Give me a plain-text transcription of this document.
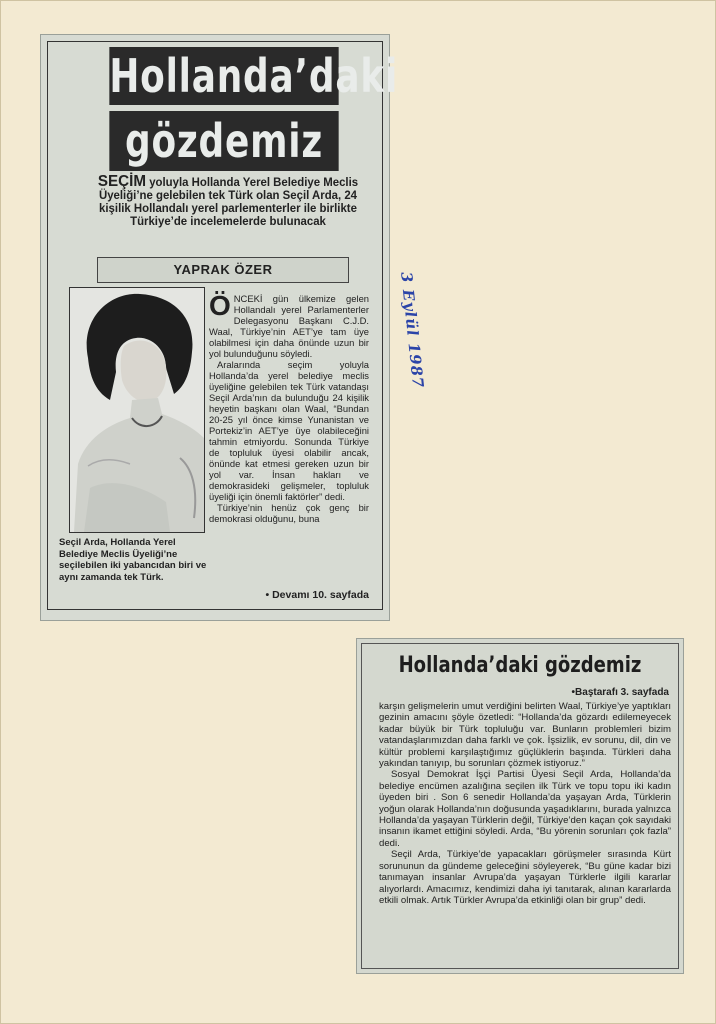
Hollanda’daki
gözdemiz
SEÇİM yoluyla Hollanda Yerel Belediye Meclis Üyeliği’ne gelebilen tek Türk olan Seçil Arda, 24 kişilik Hollandalı yerel parlementerler ile birlikte Türkiye’de incelemelerde bulunacak
YAPRAK ÖZER
Seçil Arda, Hollanda Yerel Belediye Meclis Üyeliği’ne seçilebilen iki yabancıdan biri ve aynı zamanda tek Türk.

ÖNCEKİ gün ülkemize gelen Hollandalı yerel Parlamenterler Delegasyonu Başkanı C.J.D. Waal, Türkiye’nin AET’ye tam üye olabilmesi için daha önünde uzun bir yol bulunduğunu söyledi.

Aralarında seçim yoluyla Hollanda’da yerel belediye meclis üyeliğine gelebilen tek Türk vatandaşı Seçil Arda’nın da bulunduğu 24 kişilik heyetin başkanı olan Waal, “Bundan 20-25 yıl önce kimse Yunanistan ve Portekiz’in AET’ye üye olabileceğini tahmin etmiyordu. Sonunda Türkiye de topluluk üyesi olabilir ancak, önünde kat etmesi gereken uzun bir yol var. İnsan hakları ve demokrasideki gelişmeler, topluluk üyeliği için önemli faktörler” dedi.

Türkiye’nin henüz çok genç bir demokrasi olduğunu, buna

• Devamı 10. sayfada
3 Eylül 1987
Hollanda’daki gözdemiz
•Baştarafı 3. sayfada

karşın gelişmelerin umut verdiğini belirten Waal, Türkiye’ye yaptıkları gezinin amacını şöyle özetledi: “Hollanda’da gözardı edilemeyecek kadar büyük bir Türk topluluğu var. Bunların problemleri bizim vatandaşlarımızdan daha farklı ve çok. İşsizlik, ev sorunu, dil, din ve kültür problemi karşılaştığımız güçlüklerin başında. Türkleri daha yakından tanıyıp, bu sorunları çözmek istiyoruz.”

Sosyal Demokrat İşçi Partisi Üyesi Seçil Arda, Hollanda’da belediye encümen azalığına seçilen ilk Türk ve topu topu iki kadın üyeden biri . Son 6 senedir Hollanda’da yaşayan Arda, Türklerin yoğun olarak Hollanda’nın doğusunda yaşadıklarını, burada yalnızca Hollanda’da yaşayan Türklerin değil, Türkiye’den kaçan çok sayıdaki insanın ikamet ettiğini söyledi. Arda, “Bu yörenin sorunları çok fazla” dedi.

Seçil Arda, Türkiye’de yapacakları görüşmeler sırasında Kürt sorununun da gündeme geleceğini söyleyerek, “Bu güne kadar bizi tanımayan insanlar Avrupa’da yaşayan Türklerle ilgili kararlar alıyorlardı. Amacımız, kendimizi daha iyi tanıtarak, alınan kararlarda etkili olmak. Artık Türkler Avrupa’da etkinliği olan bir grup” dedi.
